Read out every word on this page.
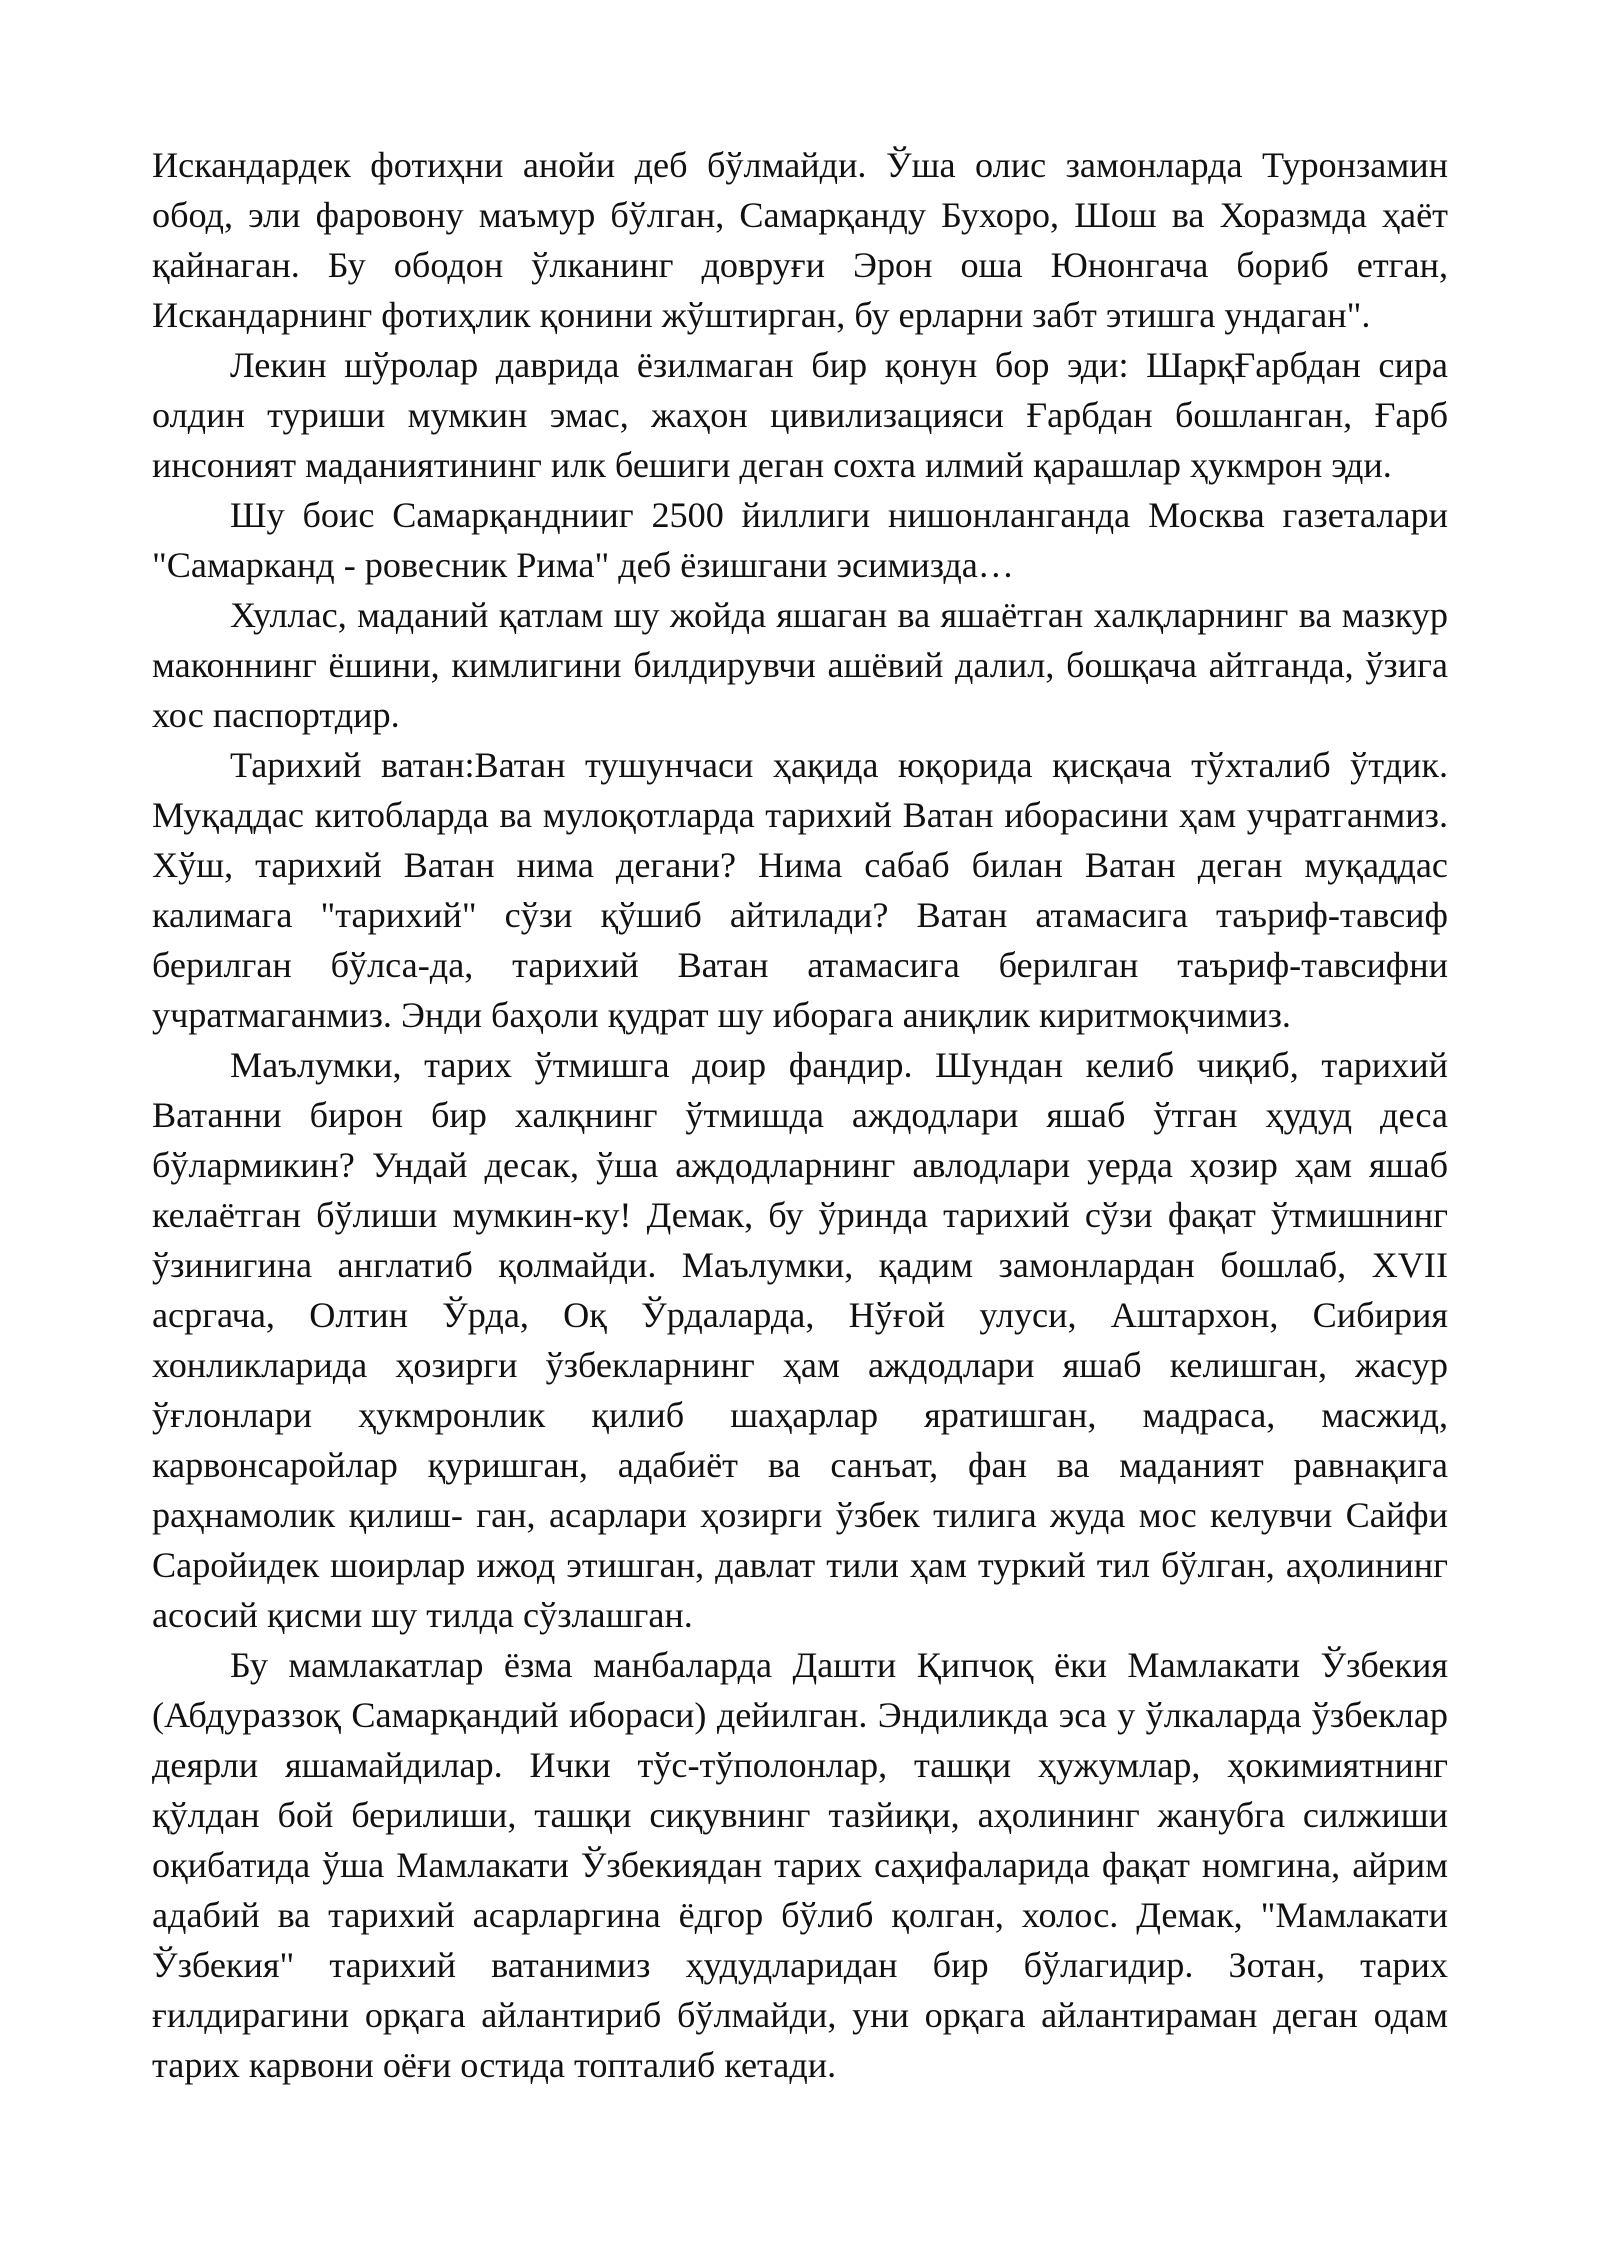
Искандардек фотиҳни анойи деб бўлмайди. Ўша олис замонларда Туронзамин обод, эли фаровону маъмур бўлган, Самарқанду Бухоро, Шош ва Хоразмда ҳаёт қайнаган. Бу ободон ўлканинг довруғи Эрон оша Юнонгача бориб етган, Искандарнинг фотиҳлик қонини жўштирган, бу ерларни забт этишга ундаган".

Лекин шўролар даврида ёзилмаган бир қонун бор эди: ШарқҒарбдан сира олдин туриши мумкин эмас, жаҳон цивилизацияси Ғарбдан бошланган, Ғарб инсоният маданиятининг илк бешиги деган сохта илмий қарашлар ҳукмрон эди.

Шу боис Самарқанднииг 2500 йиллиги нишонланганда Москва газеталари "Самарканд - ровесник Рима" деб ёзишгани эсимизда…

Хуллас, маданий қатлам шу жойда яшаган ва яшаётган халқларнинг ва мазкур маконнинг ёшини, кимлигини билдирувчи ашёвий далил, бошқача айтганда, ўзига хос паспортдир.

Тарихий ватан:Ватан тушунчаси ҳақида юқорида қисқача тўхталиб ўтдик. Муқаддас китобларда ва мулоқотларда тарихий Ватан иборасини ҳам учратганмиз. Хўш, тарихий Ватан нима дегани? Нима сабаб билан Ватан деган муқаддас калимага "тарихий" сўзи қўшиб айтилади? Ватан атамасига таъриф-тавсиф берилган бўлса-да, тарихий Ватан атамасига берилган таъриф-тавсифни учратмаганмиз. Энди баҳоли қудрат шу иборага аниқлик киритмоқчимиз.

Маълумки, тарих ўтмишга доир фандир. Шундан келиб чиқиб, тарихий Ватанни бирон бир халқнинг ўтмишда аждодлари яшаб ўтган ҳудуд деса бўлармикин? Ундай десак, ўша аждодларнинг авлодлари уерда ҳозир ҳам яшаб келаётган бўлиши мумкин-ку! Демак, бу ўринда тарихий сўзи фақат ўтмишнинг ўзинигина англатиб қолмайди. Маълумки, қадим замонлардан бошлаб, XVII асргача, Олтин Ўрда, Оқ Ўрдаларда, Нўғой улуси, Аштархон, Сибирия хонликларида ҳозирги ўзбекларнинг ҳам аждодлари яшаб келишган, жасур ўғлонлари ҳукмронлик қилиб шаҳарлар яратишган, мадраса, масжид, карвонсаройлар қуришган, адабиёт ва санъат, фан ва маданият равнақига раҳнамолик қилиш- ган, асарлари ҳозирги ўзбек тилига жуда мос келувчи Сайфи Саройидек шоирлар ижод этишган, давлат тили ҳам туркий тил бўлган, аҳолининг асосий қисми шу тилда сўзлашган.

Бу мамлакатлар ёзма манбаларда Дашти Қипчоқ ёки Мамлакати Ўзбекия (Абдураззоқ Самарқандий ибораси) дейилган. Эндиликда эса у ўлкаларда ўзбеклар деярли яшамайдилар. Ички тўс-тўполонлар, ташқи ҳужумлар, ҳокимиятнинг қўлдан бой берилиши, ташқи сиқувнинг тазйиқи, аҳолининг жанубга силжиши оқибатида ўша Мамлакати Ўзбекиядан тарих саҳифаларида фақат номгина, айрим адабий ва тарихий асарларгина ёдгор бўлиб қолган, холос. Демак, "Мамлакати Ўзбекия" тарихий ватанимиз ҳудудларидан бир бўлагидир. Зотан, тарих ғилдирагини орқага айлантириб бўлмайди, уни орқага айлантираман деган одам тарих карвони оёғи остида топталиб кетади.
